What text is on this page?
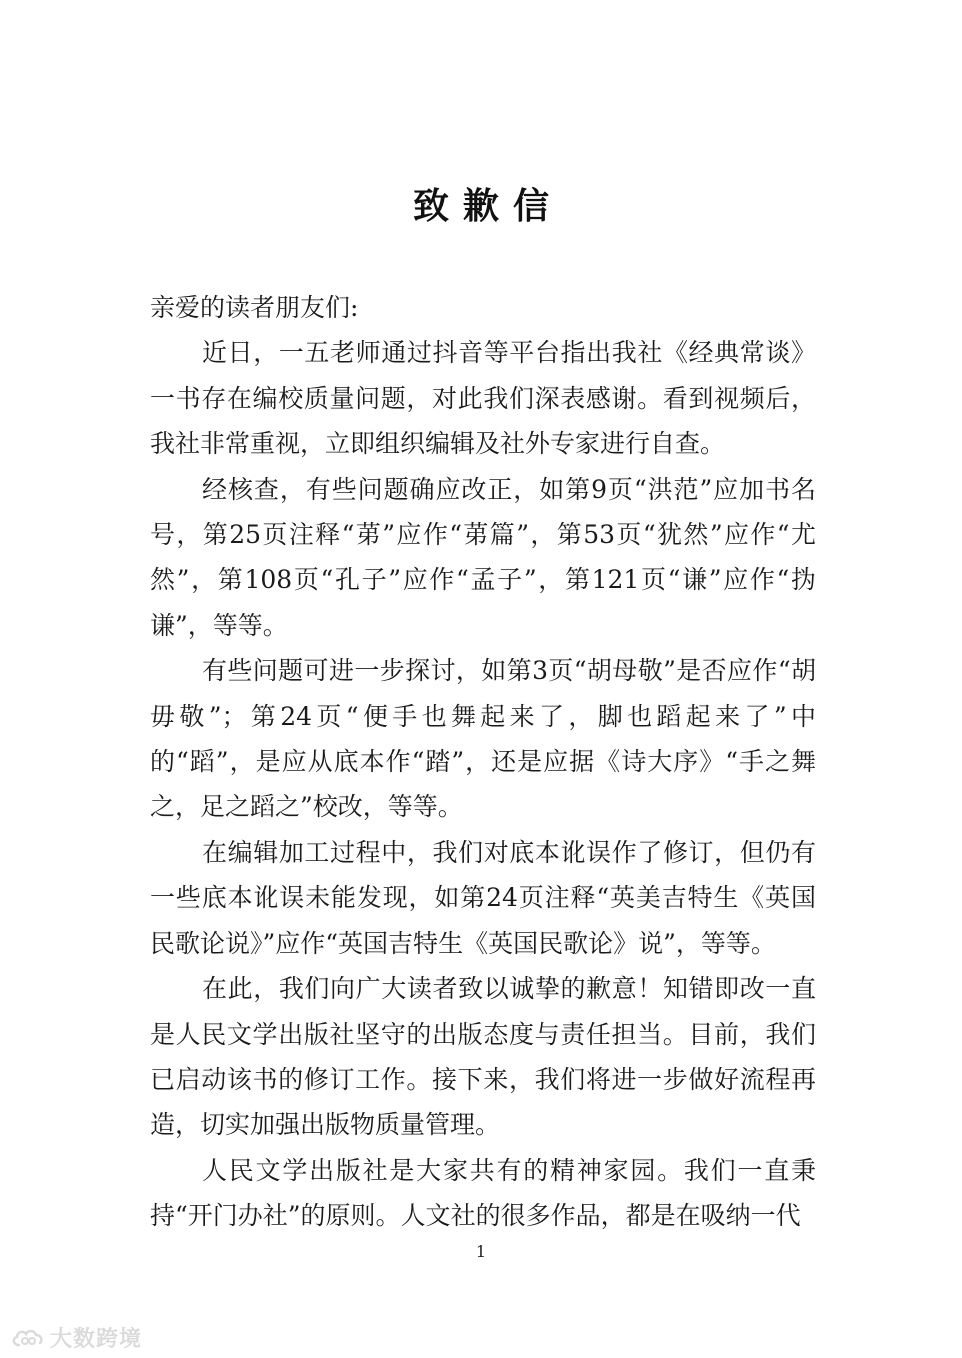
致歉信

亲爱的读者朋友们:

近日，一五老师通过抖音等平台指出我社《经典常谈》一书存在编校质量问题，对此我们深表感谢。看到视频后，我社非常重视，立即组织编辑及社外专家进行自查。

经核查，有些问题确应改正，如第9页“洪范”应加书名号，第25页注释“苐”应作“苐篇”，第53页“犹然”应作“尤然”，第108页“孔子”应作“孟子”，第121页“谦”应作“㧑谦”，等等。

有些问题可进一步探讨，如第3页“胡母敬”是否应作“胡毋敬”；第24页“便手也舞起来了，脚也蹈起来了”中的“蹈”，是应从底本作“踏”，还是应据《诗大序》“手之舞之，足之蹈之”校改，等等。

在编辑加工过程中，我们对底本讹误作了修订，但仍有一些底本讹误未能发现，如第24页注释“英美吉特生《英国民歌论说》”应作“英国吉特生《英国民歌论》说”，等等。

在此，我们向广大读者致以诚挚的歉意！知错即改一直是人民文学出版社坚守的出版态度与责任担当。目前，我们已启动该书的修订工作。接下来，我们将进一步做好流程再造，切实加强出版物质量管理。

人民文学出版社是大家共有的精神家园。我们一直秉持“开门办社”的原则。人文社的很多作品，都是在吸纳一代

1
大数跨境
